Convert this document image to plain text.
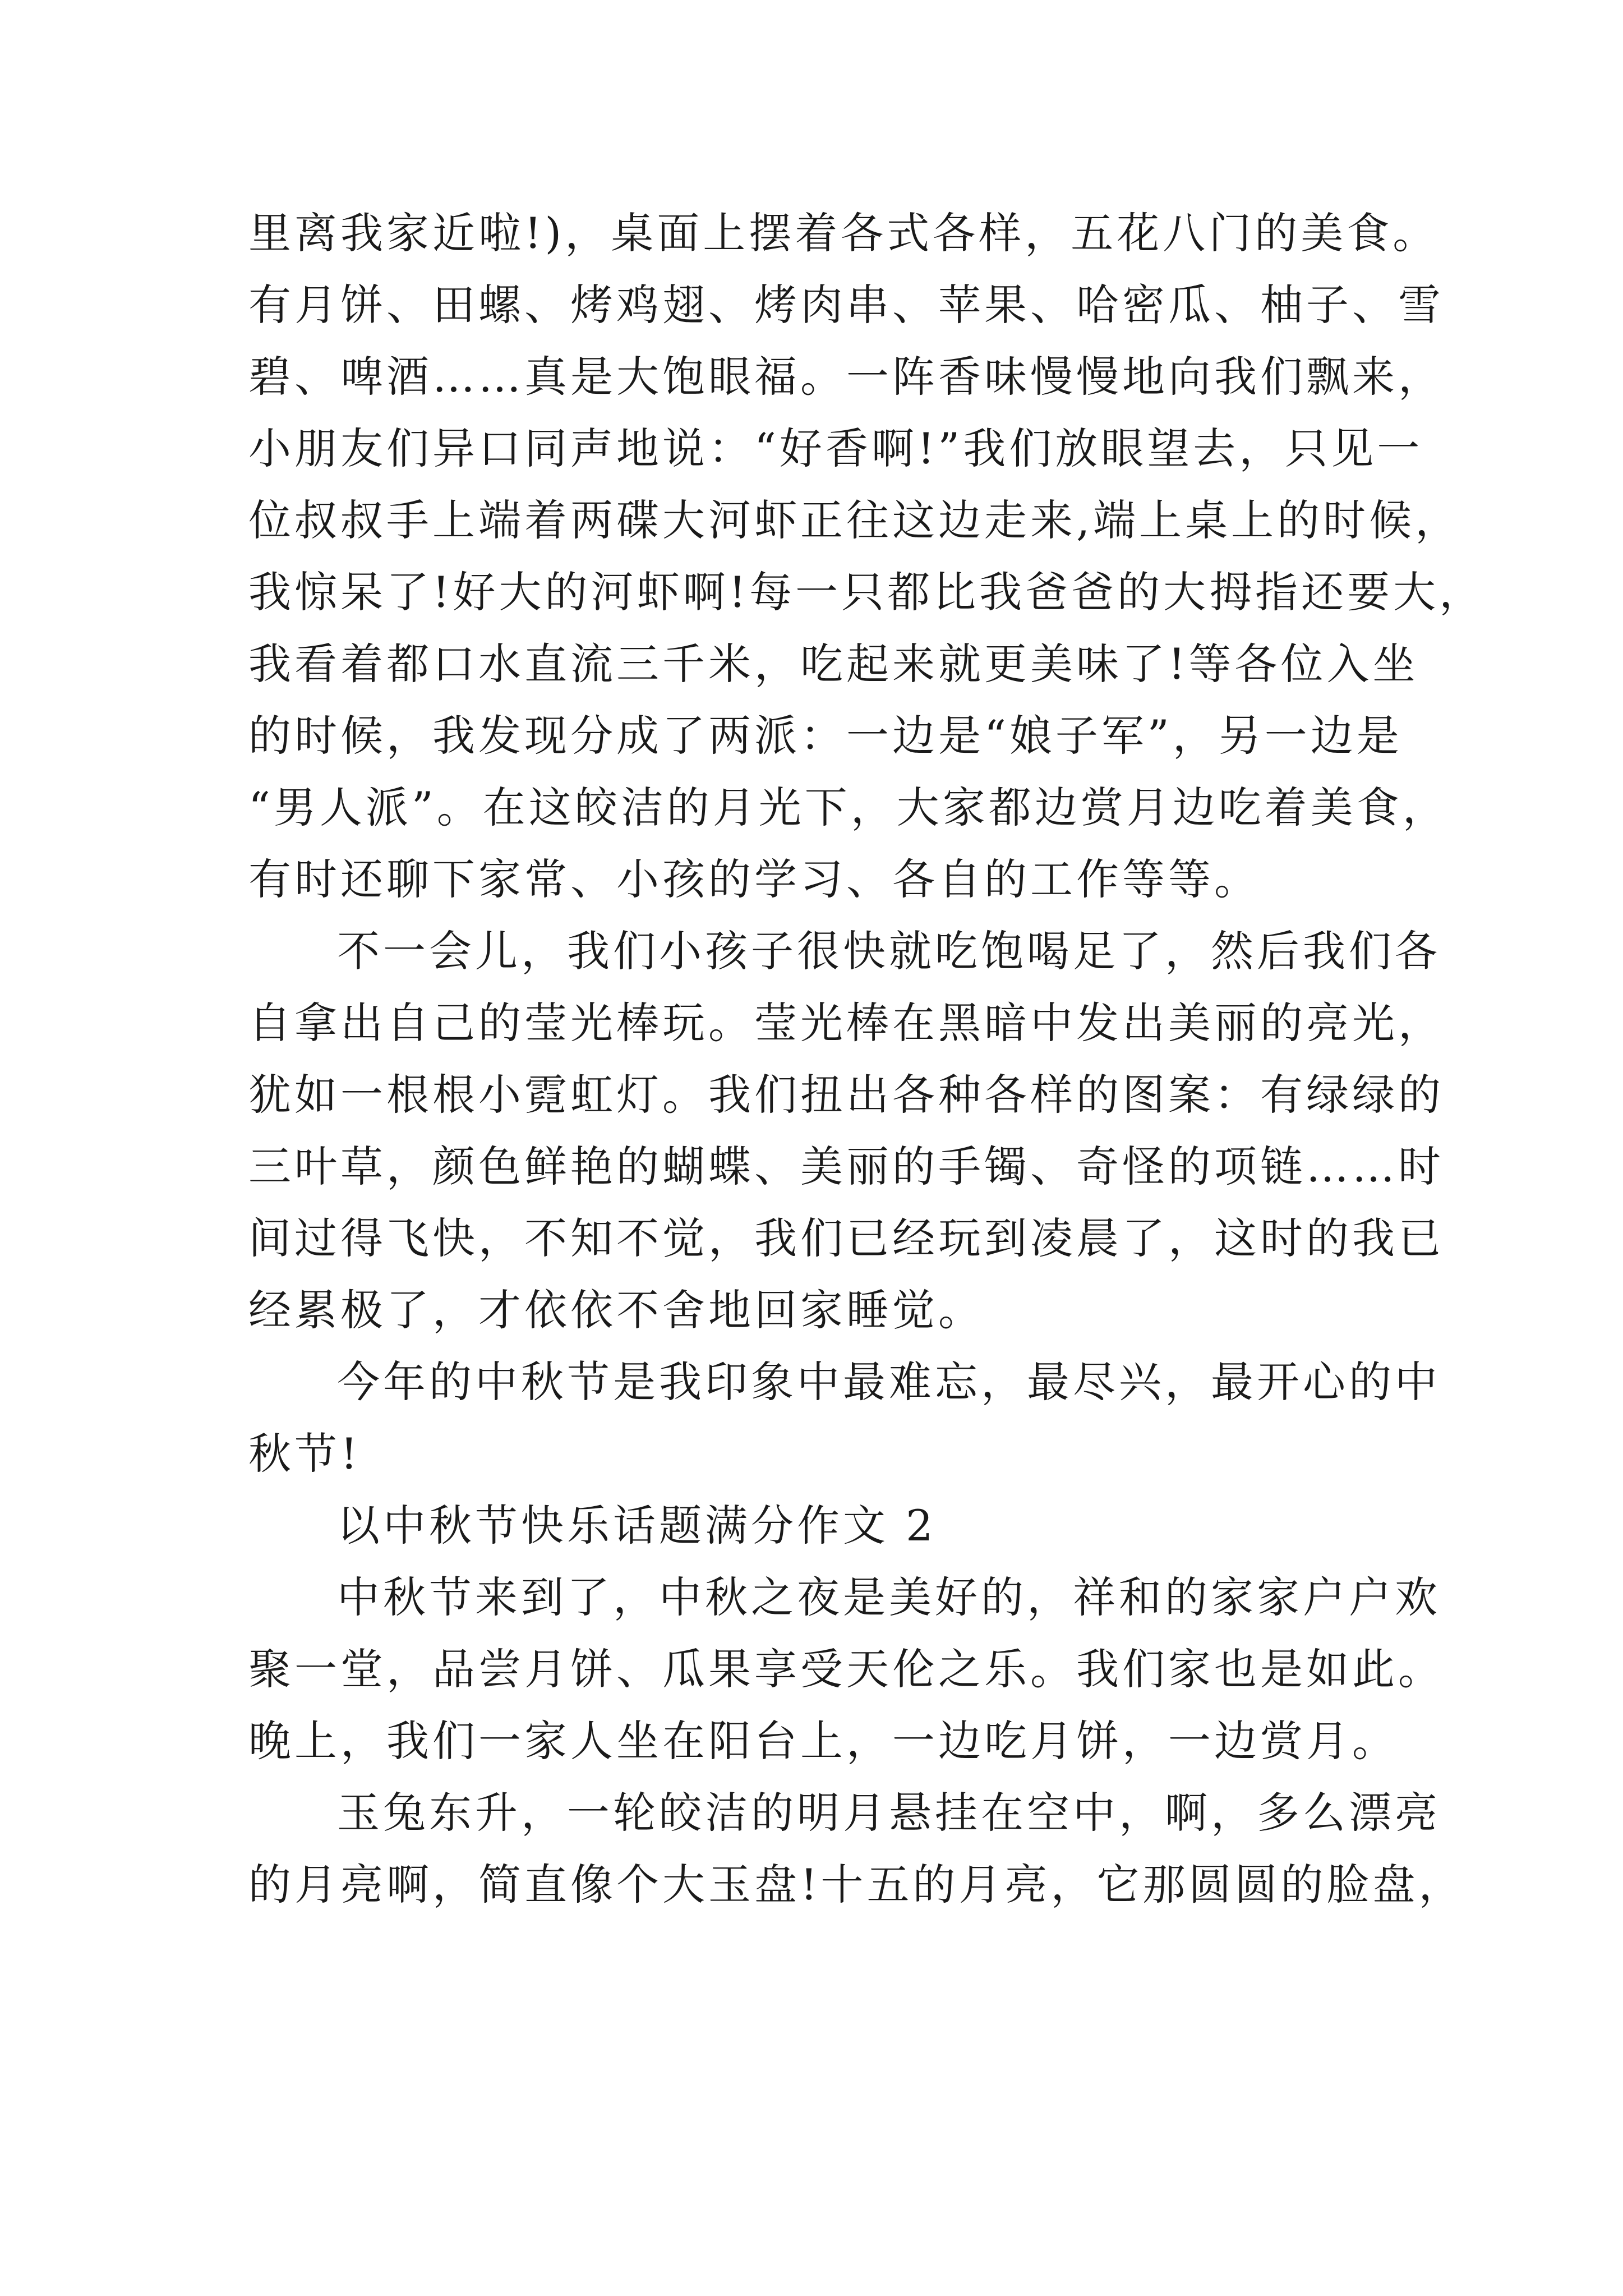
里离我家近啦!)，桌面上摆着各式各样，五花八门的美食。
有月饼、田螺、烤鸡翅、烤肉串、苹果、哈密瓜、柚子、雪
碧、啤酒……真是大饱眼福。一阵香味慢慢地向我们飘来，
小朋友们异口同声地说：“好香啊!”我们放眼望去，只见一
位叔叔手上端着两碟大河虾正往这边走来,端上桌上的时候，
我惊呆了!好大的河虾啊!每一只都比我爸爸的大拇指还要大，
我看着都口水直流三千米，吃起来就更美味了!等各位入坐
的时候，我发现分成了两派：一边是“娘子军”，另一边是
“男人派”。在这皎洁的月光下，大家都边赏月边吃着美食，
有时还聊下家常、小孩的学习、各自的工作等等。
不一会儿，我们小孩子很快就吃饱喝足了，然后我们各
自拿出自己的莹光棒玩。莹光棒在黑暗中发出美丽的亮光，
犹如一根根小霓虹灯。我们扭出各种各样的图案：有绿绿的
三叶草，颜色鲜艳的蝴蝶、美丽的手镯、奇怪的项链……时
间过得飞快，不知不觉，我们已经玩到凌晨了，这时的我已
经累极了，才依依不舍地回家睡觉。
今年的中秋节是我印象中最难忘，最尽兴，最开心的中
秋节!
以中秋节快乐话题满分作文 2
中秋节来到了，中秋之夜是美好的，祥和的家家户户欢
聚一堂，品尝月饼、瓜果享受天伦之乐。我们家也是如此。
晚上，我们一家人坐在阳台上，一边吃月饼，一边赏月。
玉兔东升，一轮皎洁的明月悬挂在空中，啊，多么漂亮
的月亮啊，简直像个大玉盘!十五的月亮，它那圆圆的脸盘，
